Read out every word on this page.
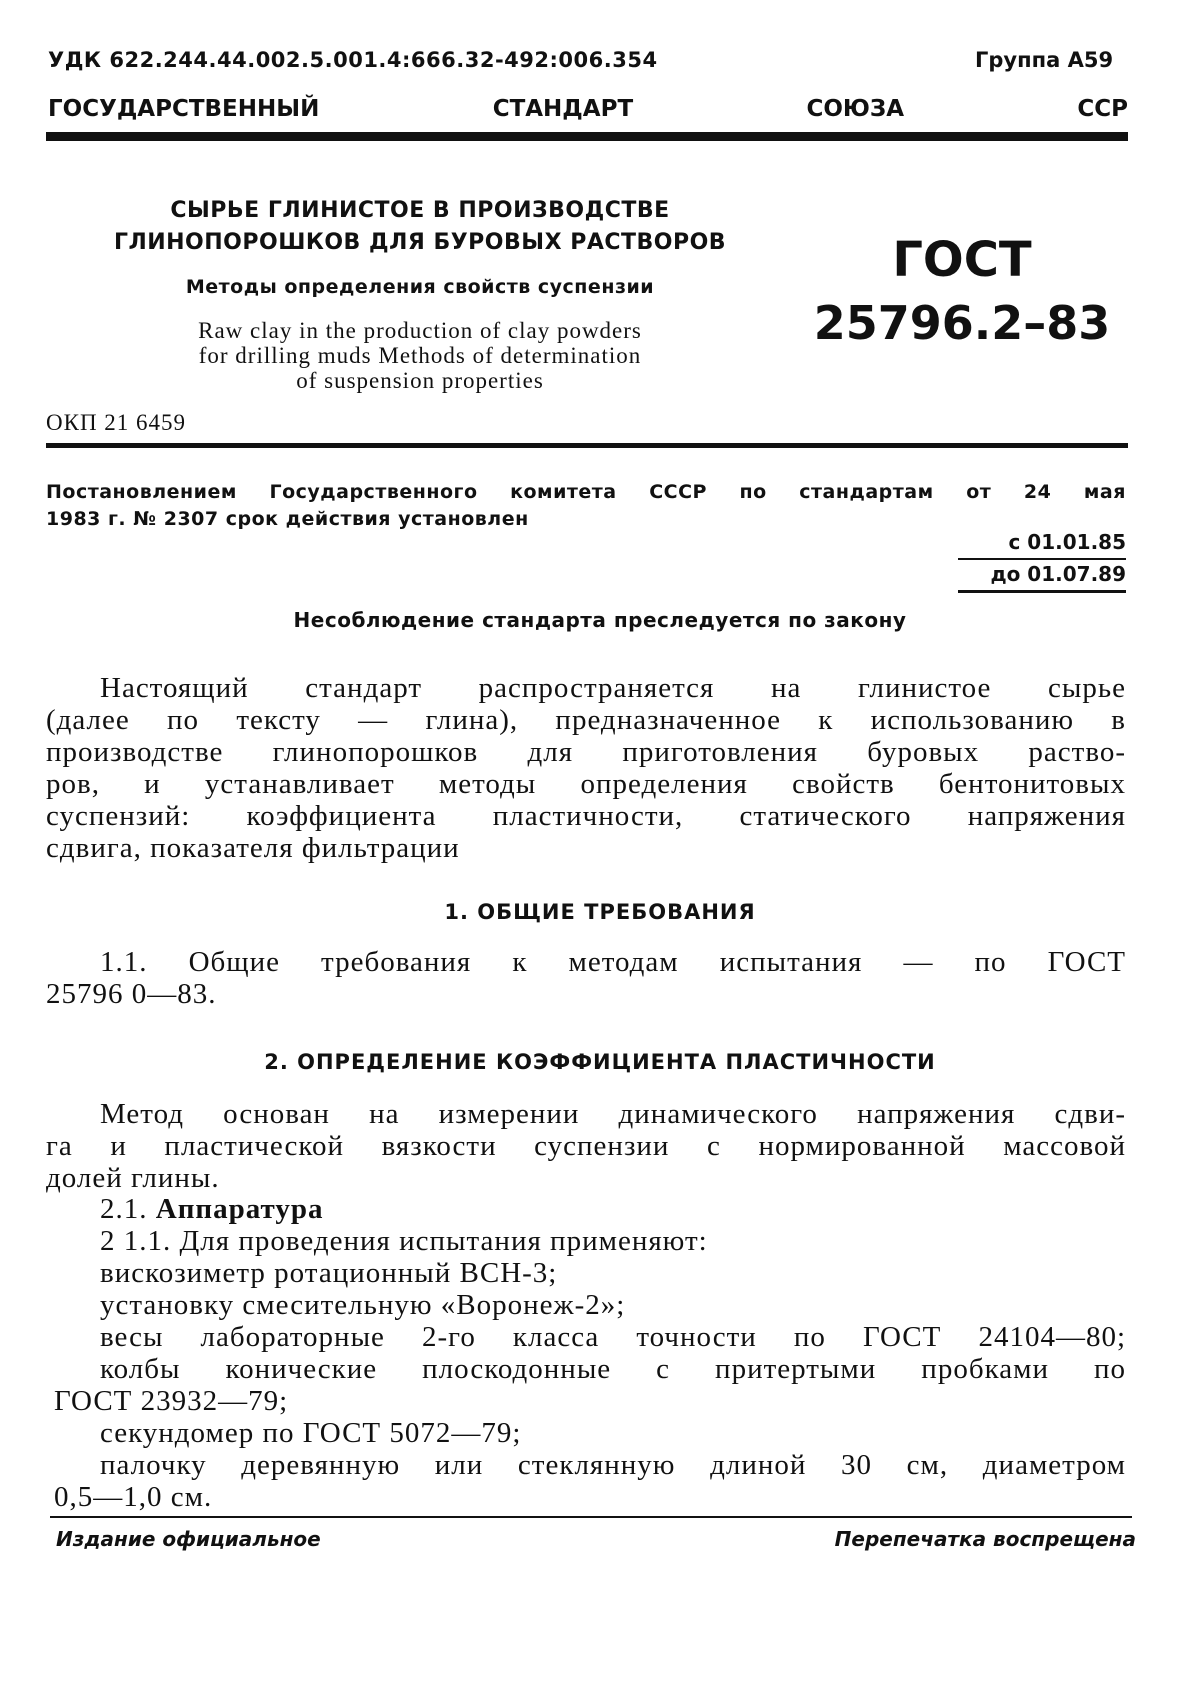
УДК 622.244.44.002.5.001.4:666.32-492:006.354	Группа А59
ГОСУДАРСТВЕННЫЙ	СТАНДАРТ	СОЮЗА	ССР
СЫРЬЕ ГЛИНИСТОЕ В ПРОИЗВОДСТВЕ
ГЛИНОПОРОШКОВ ДЛЯ БУРОВЫХ РАСТВОРОВ
Методы определения свойств суспензии
Raw clay in the production of clay powders
for drilling muds Methods of determination
of suspension properties
ГОСТ
25796.2–83
ОКП 21 6459
Постановлением Государственного комитета СССР по стандартам от 24 мая
1983 г. № 2307 срок действия установлен
с 01.01.85
до 01.07.89
Несоблюдение стандарта преследуется по закону
Настоящий стандарт распространяется на глинистое сырье
(далее по тексту — глина), предназначенное к использованию в
производстве глинопорошков для приготовления буровых раство-
ров, и устанавливает методы определения свойств бентонитовых
суспензий: коэффициента пластичности, статического напряжения
сдвига, показателя фильтрации
1. ОБЩИЕ ТРЕБОВАНИЯ
1.1. Общие требования к методам испытания — по ГОСТ
25796 0—83.
2. ОПРЕДЕЛЕНИЕ КОЭФФИЦИЕНТА ПЛАСТИЧНОСТИ
Метод основан на измерении динамического напряжения сдви-
га и пластической вязкости суспензии с нормированной массовой
долей глины.
2.1. Аппаратура
2 1.1. Для проведения испытания применяют:
вискозиметр ротационный ВСН-3;
установку смесительную «Воронеж-2»;
весы лабораторные 2-го класса точности по ГОСТ 24104—80;
колбы конические плоскодонные с притертыми пробками по
ГОСТ 23932—79;
секундомер по ГОСТ 5072—79;
палочку деревянную или стеклянную длиной 30 см, диаметром
0,5—1,0 см.
Издание официальное	Перепечатка воспрещена
